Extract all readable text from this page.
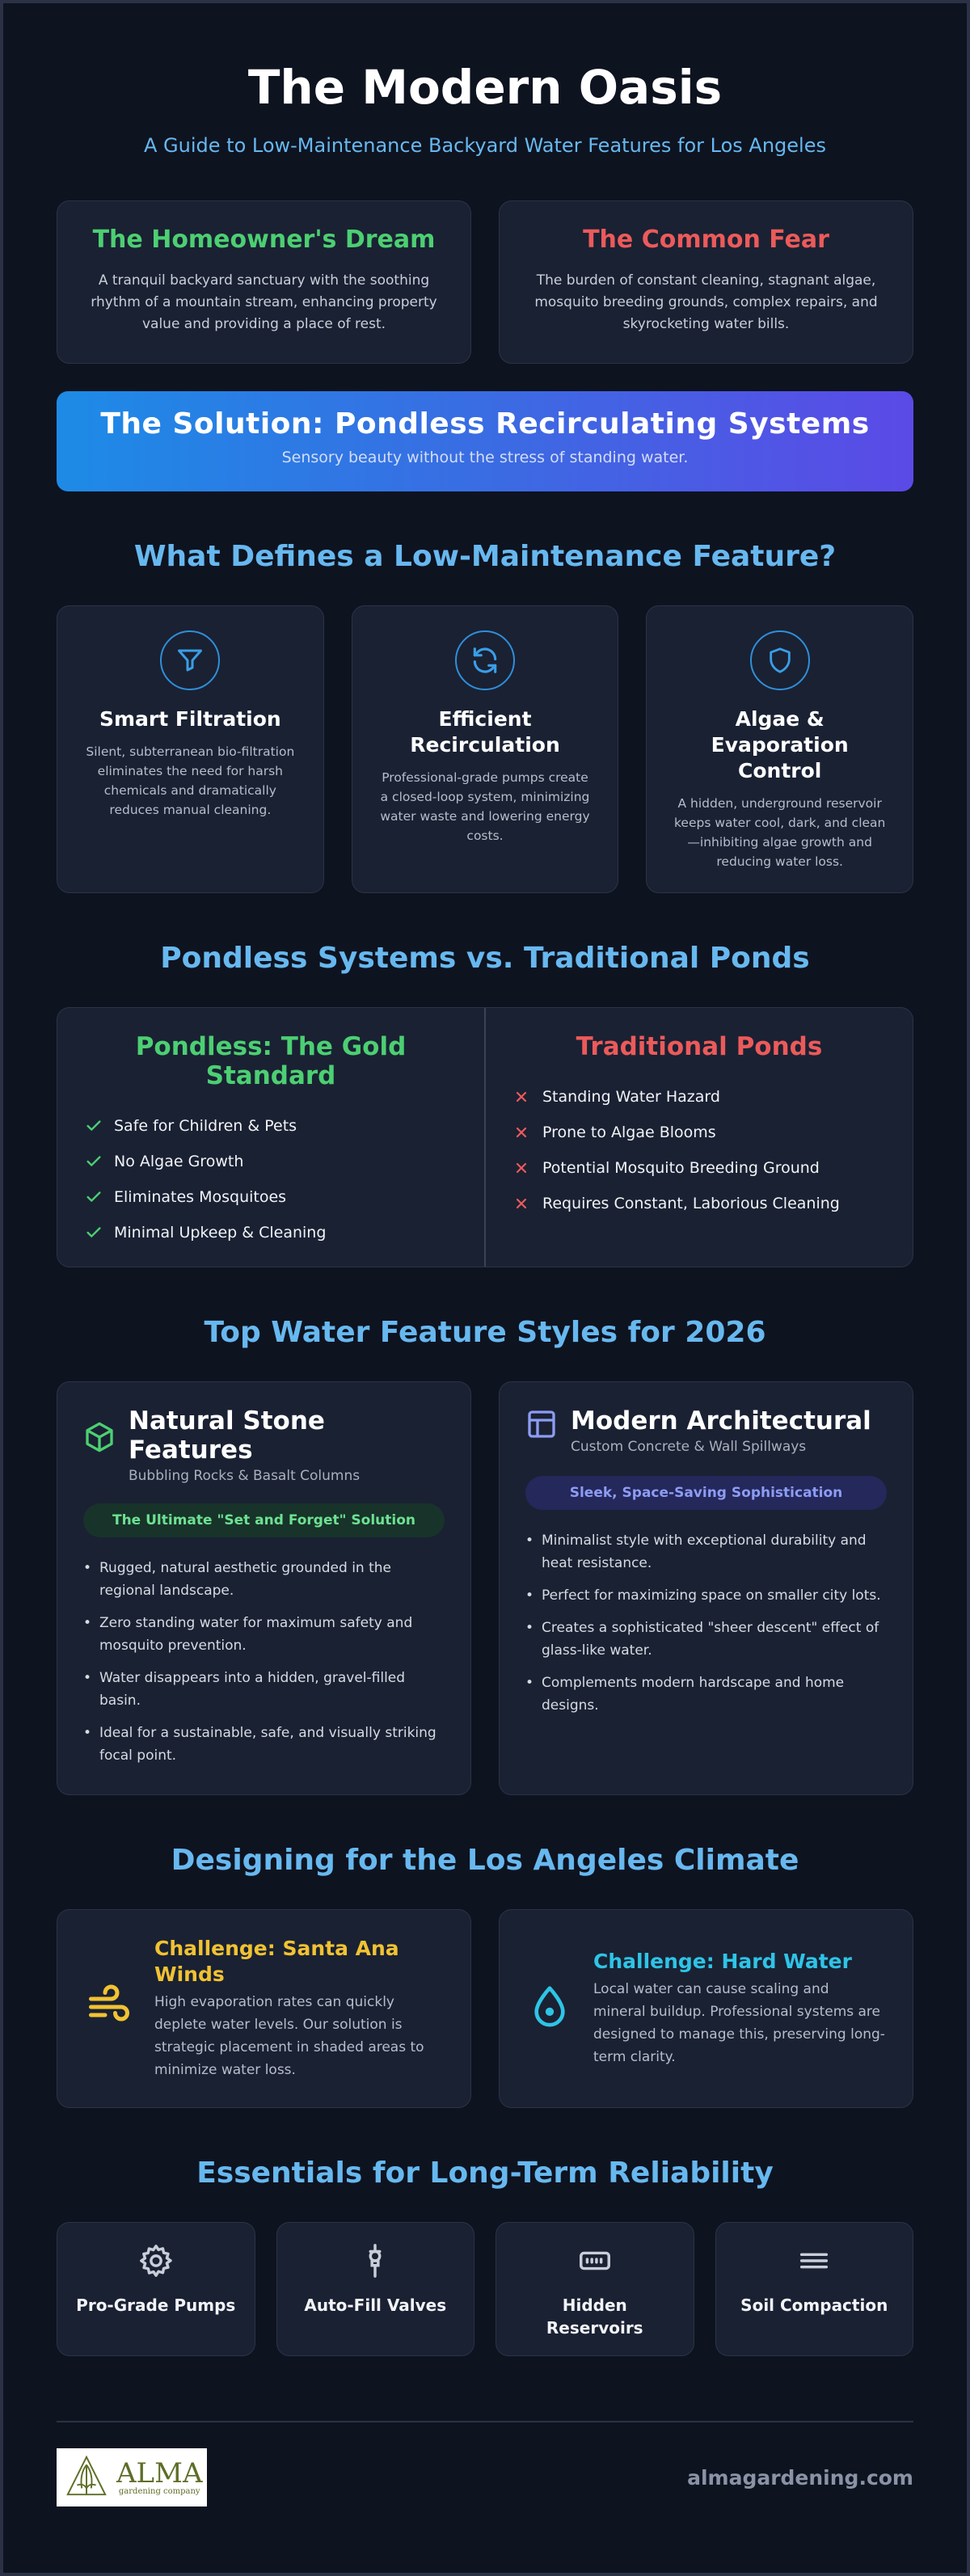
The Modern Oasis

A Guide to Low-Maintenance Backyard Water Features for Los Angeles

The Homeowner's Dream

A tranquil backyard sanctuary with the soothing rhythm of a mountain stream, enhancing property value and providing a place of rest.

The Common Fear

The burden of constant cleaning, stagnant algae, mosquito breeding grounds, complex repairs, and skyrocketing water bills.

The Solution: Pondless Recirculating Systems

Sensory beauty without the stress of standing water.

What Defines a Low-Maintenance Feature?
Smart Filtration

Silent, subterranean bio-filtration eliminates the need for harsh chemicals and dramatically reduces manual cleaning.

Efficient Recirculation

Professional-grade pumps create a closed-loop system, minimizing water waste and lowering energy costs.

Algae & Evaporation Control

A hidden, underground reservoir keeps water cool, dark, and clean—inhibiting algae growth and reducing water loss.

Pondless Systems vs. Traditional Ponds
Pondless: The Gold Standard
Safe for Children & Pets
No Algae Growth
Eliminates Mosquitoes
Minimal Upkeep & Cleaning
Traditional Ponds
Standing Water Hazard
Prone to Algae Blooms
Potential Mosquito Breeding Ground
Requires Constant, Laborious Cleaning
Top Water Feature Styles for 2026
Natural Stone Features
Bubbling Rocks & Basalt Columns
The Ultimate "Set and Forget" Solution
• Rugged, natural aesthetic grounded in the regional landscape.
• Zero standing water for maximum safety and mosquito prevention.
• Water disappears into a hidden, gravel-filled basin.
• Ideal for a sustainable, safe, and visually striking focal point.
Modern Architectural
Custom Concrete & Wall Spillways
Sleek, Space-Saving Sophistication
• Minimalist style with exceptional durability and heat resistance.
• Perfect for maximizing space on smaller city lots.
• Creates a sophisticated "sheer descent" effect of glass-like water.
• Complements modern hardscape and home designs.
Designing for the Los Angeles Climate
Challenge: Santa Ana Winds

High evaporation rates can quickly deplete water levels. Our solution is strategic placement in shaded areas to minimize water loss.

Challenge: Hard Water

Local water can cause scaling and mineral buildup. Professional systems are designed to manage this, preserving long-term clarity.

Essentials for Long-Term Reliability
Pro-Grade Pumps	Auto-Fill Valves	Hidden Reservoirs
Soil Compaction
ALMA
gardening company
almagardening.com
